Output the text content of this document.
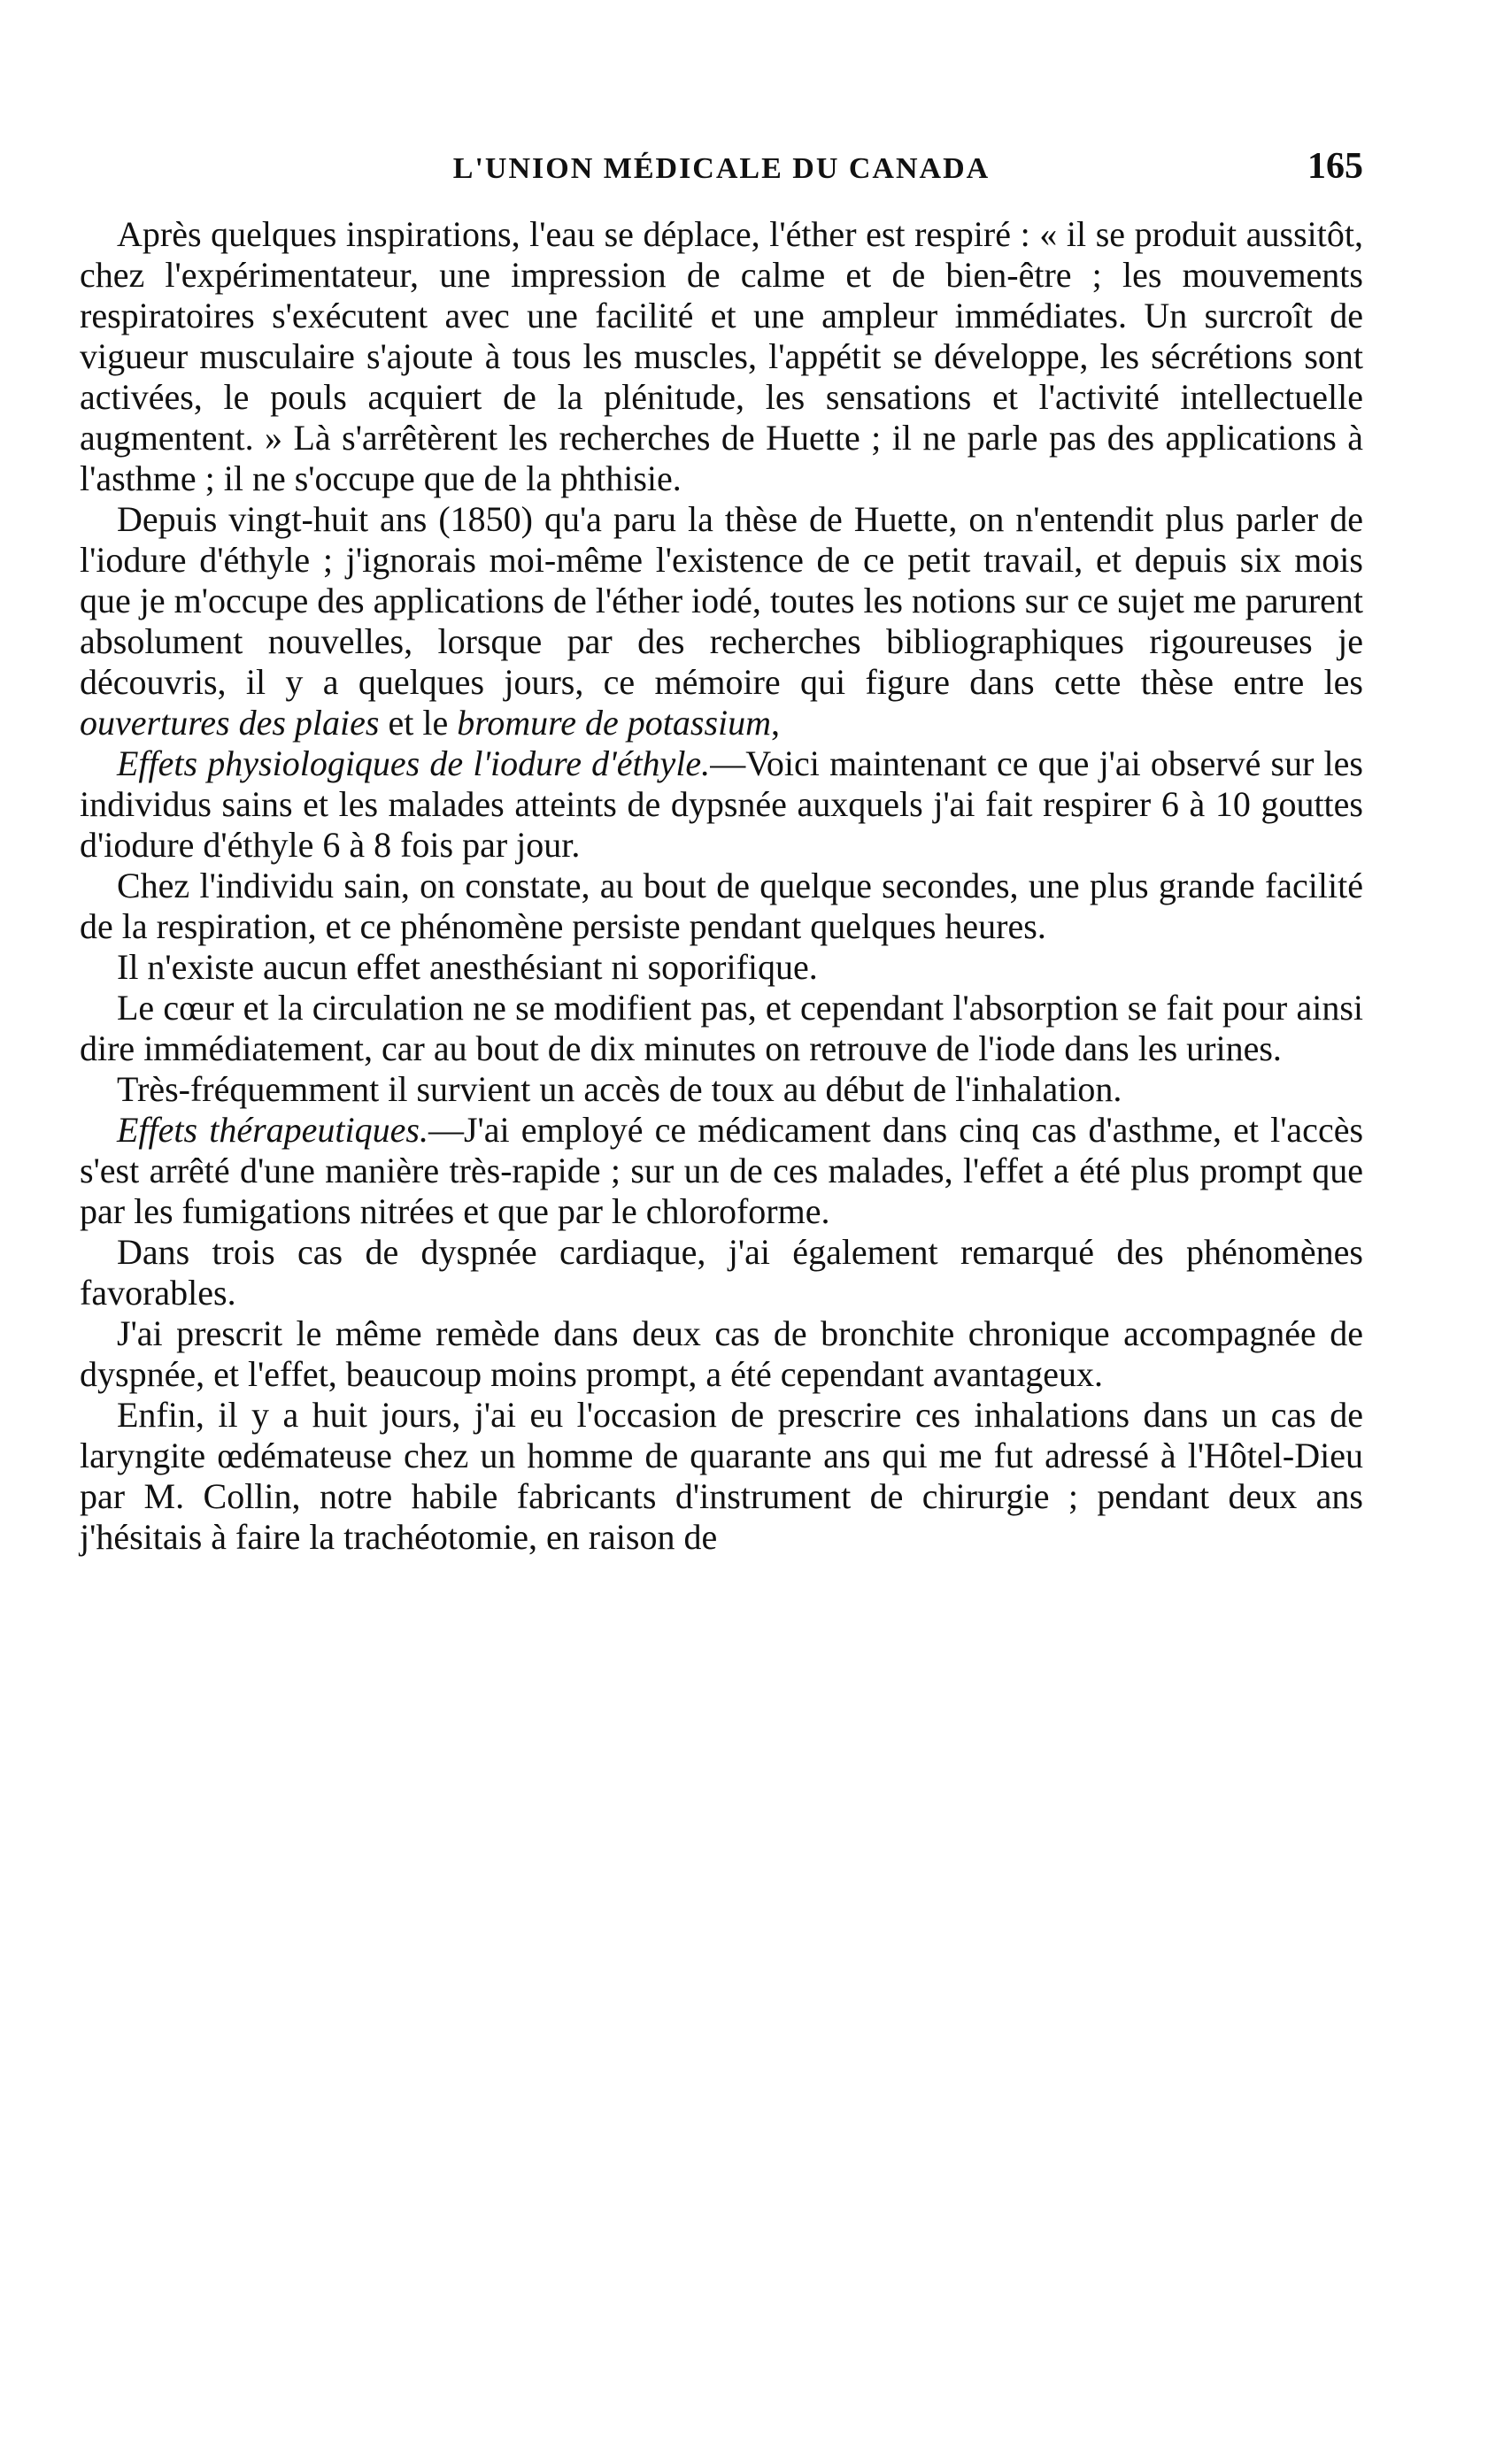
L'UNION MÉDICALE DU CANADA	165

Après quelques inspirations, l'eau se déplace, l'éther est respiré : « il se produit aussitôt, chez l'expérimentateur, une impression de calme et de bien-être ; les mouvements respiratoires s'exécutent avec une facilité et une ampleur immédiates. Un surcroît de vigueur musculaire s'ajoute à tous les muscles, l'appétit se développe, les sécrétions sont activées, le pouls acquiert de la plénitude, les sensations et l'activité intellectuelle augmentent. » Là s'arrêtèrent les recherches de Huette ; il ne parle pas des applications à l'asthme ; il ne s'occupe que de la phthisie.

Depuis vingt-huit ans (1850) qu'a paru la thèse de Huette, on n'entendit plus parler de l'iodure d'éthyle ; j'ignorais moi-même l'existence de ce petit travail, et depuis six mois que je m'occupe des applications de l'éther iodé, toutes les notions sur ce sujet me parurent absolument nouvelles, lorsque par des recherches bibliographiques rigoureuses je découvris, il y a quelques jours, ce mémoire qui figure dans cette thèse entre les ouvertures des plaies et le bromure de potassium,

Effets physiologiques de l'iodure d'éthyle.—Voici maintenant ce que j'ai observé sur les individus sains et les malades atteints de dypsnée auxquels j'ai fait respirer 6 à 10 gouttes d'iodure d'éthyle 6 à 8 fois par jour.

Chez l'individu sain, on constate, au bout de quelque secondes, une plus grande facilité de la respiration, et ce phénomène persiste pendant quelques heures.

Il n'existe aucun effet anesthésiant ni soporifique.

Le cœur et la circulation ne se modifient pas, et cependant l'absorption se fait pour ainsi dire immédiatement, car au bout de dix minutes on retrouve de l'iode dans les urines.

Très-fréquemment il survient un accès de toux au début de l'inhalation.

Effets thérapeutiques.—J'ai employé ce médicament dans cinq cas d'asthme, et l'accès s'est arrêté d'une manière très-rapide ; sur un de ces malades, l'effet a été plus prompt que par les fumigations nitrées et que par le chloroforme.

Dans trois cas de dyspnée cardiaque, j'ai également remarqué des phénomènes favorables.

J'ai prescrit le même remède dans deux cas de bronchite chronique accompagnée de dyspnée, et l'effet, beaucoup moins prompt, a été cependant avantageux.

Enfin, il y a huit jours, j'ai eu l'occasion de prescrire ces inhalations dans un cas de laryngite œdémateuse chez un homme de quarante ans qui me fut adressé à l'Hôtel-Dieu par M. Collin, notre habile fabricants d'instrument de chirurgie ; pendant deux ans j'hésitais à faire la trachéotomie, en raison de
